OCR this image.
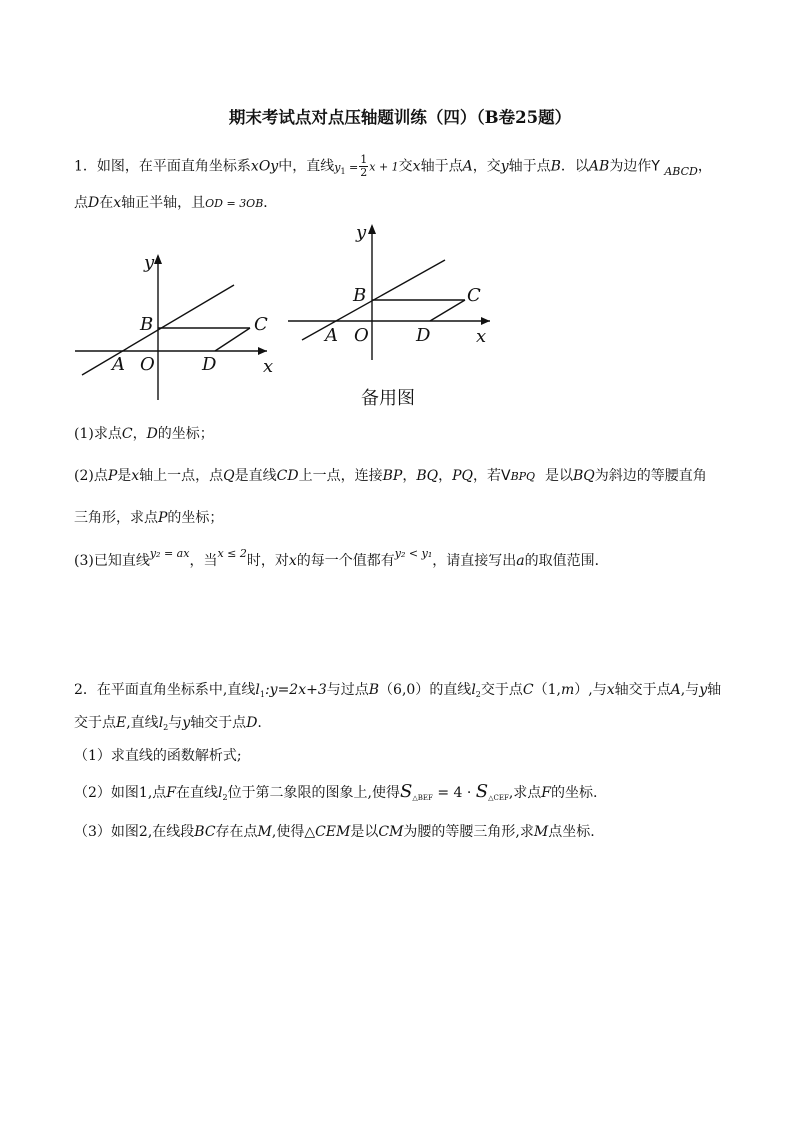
期末考试点对点压轴题训练（四）（B卷25题）
1．如图，在平面直角坐标系xOy中，直线$y_1 = \frac{1}{2}$ x + 1交x轴于点A，交y轴于点B．以AB为边作Y $_{ABCD}$，
点D在x轴正半轴，且OD = 3OB．
y
B	C
A O	D	x
y
B	C
A O	D	x
备用图
(1)求点C，D的坐标；
(2)点P是x轴上一点，点Q是直线CD上一点，连接BP，BQ，PQ，若 VBPQ 是以BQ为斜边的等腰直角
三角形，求点P的坐标；
(3)已知直线y₂ = ax，当x ≤ 2时，对x的每一个值都有y₂ < y₁，请直接写出a的取值范围．
2．在平面直角坐标系中,直线$l_1:y=2x+3$与过点B（6,0）的直线$l_2$交于点C（1,m）,与x轴交于点A,与y轴
交于点E,直线$l_2$与y轴交于点D.
（1）求直线的函数解析式;
（2）如图1,点F在直线$l_2$位于第二象限的图象上,使得$S_{\triangle BEF} = 4 \cdot S_{\triangle CEF}$,求点F的坐标.
（3）如图2,在线段BC存在点M,使得△CEM是以CM为腰的等腰三角形,求M点坐标.
